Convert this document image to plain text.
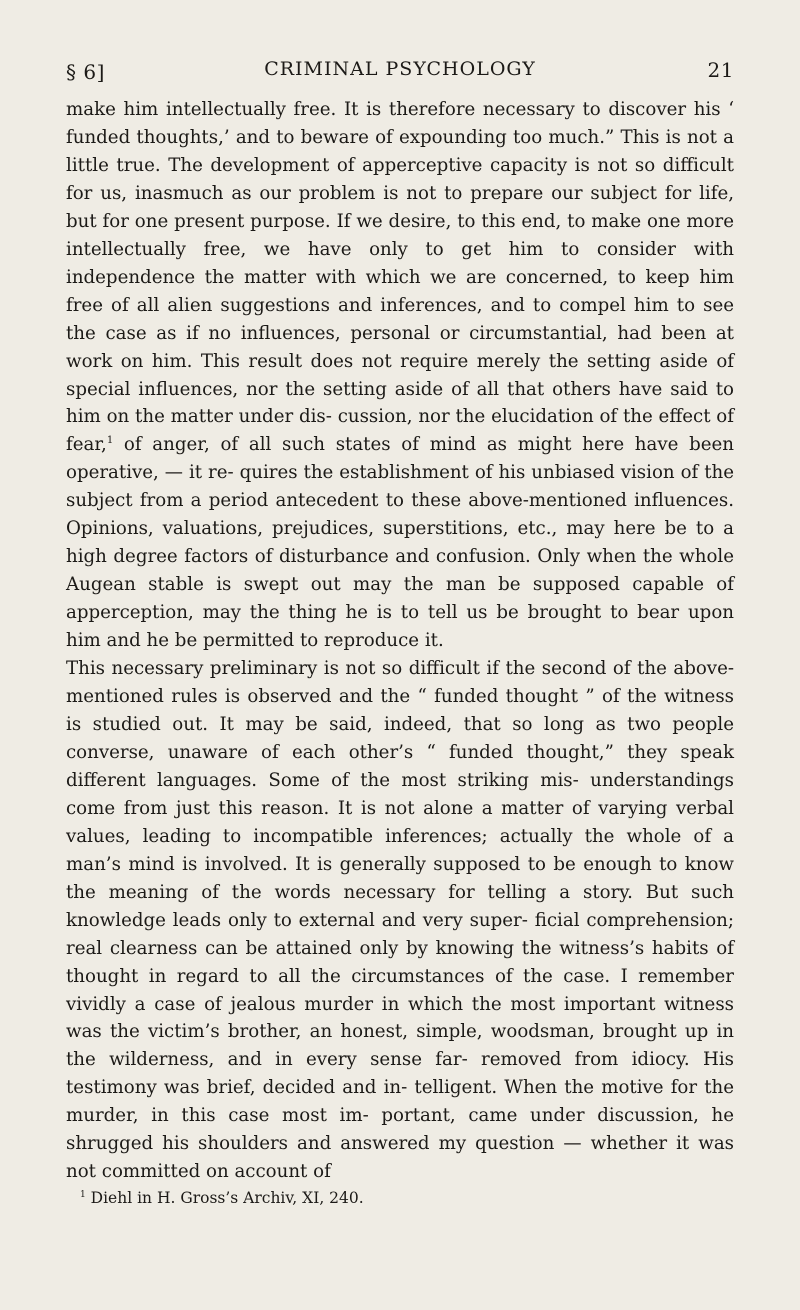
§ 6]	CRIMINAL PSYCHOLOGY	21

make him intellectually free. It is therefore necessary to discover his ‘ funded thoughts,’ and to beware of expounding too much.” This is not a little true. The development of apperceptive capacity is not so difficult for us, inasmuch as our problem is not to prepare our subject for life, but for one present purpose. If we desire, to this end, to make one more intellectually free, we have only to get him to consider with independence the matter with which we are concerned, to keep him free of all alien suggestions and inferences, and to compel him to see the case as if no influences, personal or circumstantial, had been at work on him. This result does not require merely the setting aside of special influences, nor the setting aside of all that others have said to him on the matter under dis- cussion, nor the elucidation of the effect of fear,$^1$ of anger, of all such states of mind as might here have been operative, — it re- quires the establishment of his unbiased vision of the subject from a period antecedent to these above-mentioned influences. Opinions, valuations, prejudices, superstitions, etc., may here be to a high degree factors of disturbance and confusion. Only when the whole Augean stable is swept out may the man be supposed capable of apperception, may the thing he is to tell us be brought to bear upon him and he be permitted to reproduce it.

This necessary preliminary is not so difficult if the second of the above-mentioned rules is observed and the “ funded thought ” of the witness is studied out. It may be said, indeed, that so long as two people converse, unaware of each other’s “ funded thought,” they speak different languages. Some of the most striking mis- understandings come from just this reason. It is not alone a matter of varying verbal values, leading to incompatible inferences; actually the whole of a man’s mind is involved. It is generally supposed to be enough to know the meaning of the words necessary for telling a story. But such knowledge leads only to external and very super- ficial comprehension; real clearness can be attained only by knowing the witness’s habits of thought in regard to all the circumstances of the case. I remember vividly a case of jealous murder in which the most important witness was the victim’s brother, an honest, simple, woodsman, brought up in the wilderness, and in every sense far- removed from idiocy. His testimony was brief, decided and in- telligent. When the motive for the murder, in this case most im- portant, came under discussion, he shrugged his shoulders and answered my question — whether it was not committed on account of

$^1$ Diehl in H. Gross’s Archiv, XI, 240.
